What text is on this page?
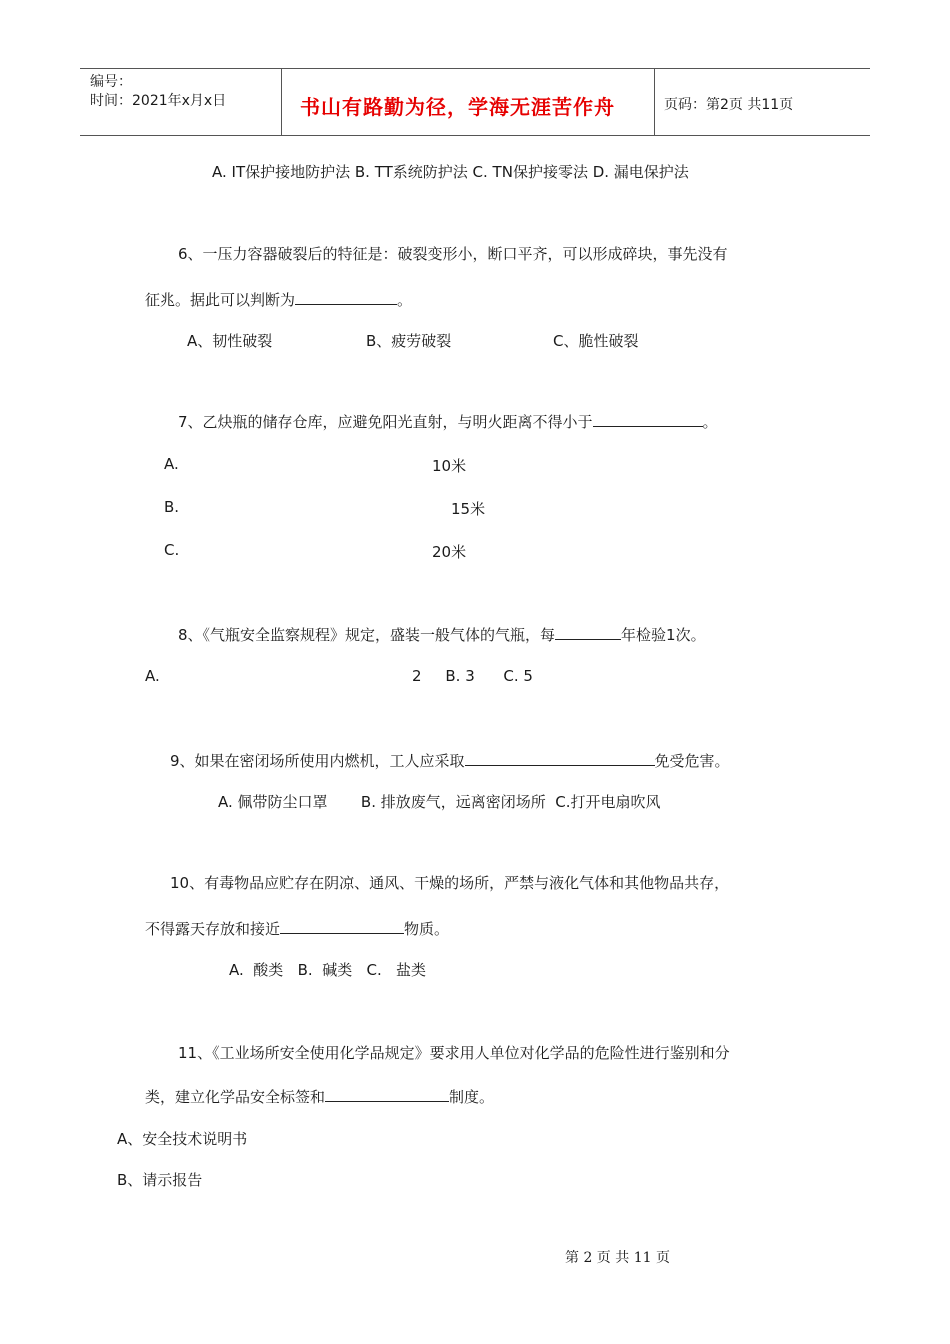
编号：
时间：2021年x月x日	书山有路勤为径，学海无涯苦作舟	页码：第2页 共11页
A. IT保护接地防护法 B. TT系统防护法 C. TN保护接零法 D. 漏电保护法
6、一压力容器破裂后的特征是：破裂变形小，断口平齐，可以形成碎块，事先没有
征兆。据此可以判断为	。
A、韧性破裂	B、疲劳破裂	C、脆性破裂
7、乙炔瓶的储存仓库，应避免阳光直射，与明火距离不得小于	。
A.	10米
B.	15米
C.	20米
8、《气瓶安全监察规程》规定，盛装一般气体的气瓶，每	年检验1次。
A.	2     B. 3      C. 5
9、如果在密闭场所使用内燃机，工人应采取	免受危害。
A. 佩带防尘口罩       B. 排放废气，远离密闭场所  C.打开电扇吹风
10、有毒物品应贮存在阴凉、通风、干燥的场所，严禁与液化气体和其他物品共存，
不得露天存放和接近	物质。
A.  酸类   B.  碱类   C.   盐类
11、《工业场所安全使用化学品规定》要求用人单位对化学品的危险性进行鉴别和分
类，建立化学品安全标签和	制度。
A、安全技术说明书
B、请示报告
第 2 页 共 11 页
